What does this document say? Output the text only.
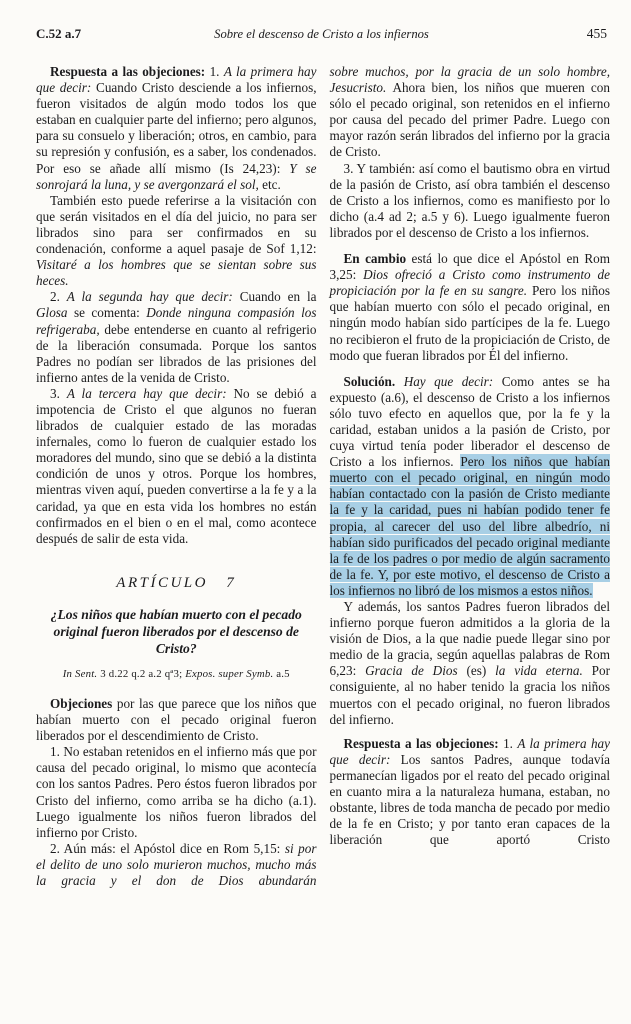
C.52 a.7	Sobre el descenso de Cristo a los infiernos	455

Respuesta a las objeciones: 1. A la primera hay que decir: Cuando Cristo desciende a los infiernos, fueron visitados de algún modo todos los que estaban en cualquier parte del infierno; pero algunos, para su consuelo y liberación; otros, en cambio, para su represión y confusión, es a saber, los condenados. Por eso se añade allí mismo (Is 24,23): Y se sonrojará la luna, y se avergonzará el sol, etc.

También esto puede referirse a la visitación con que serán visitados en el día del juicio, no para ser librados sino para ser confirmados en su condenación, conforme a aquel pasaje de Sof 1,12: Visitaré a los hombres que se sientan sobre sus heces.

2. A la segunda hay que decir: Cuando en la Glosa se comenta: Donde ninguna compasión los refrigeraba, debe entenderse en cuanto al refrigerio de la liberación consumada. Porque los santos Padres no podían ser librados de las prisiones del infierno antes de la venida de Cristo.

3. A la tercera hay que decir: No se debió a impotencia de Cristo el que algunos no fueran librados de cualquier estado de las moradas infernales, como lo fueron de cualquier estado los moradores del mundo, sino que se debió a la distinta condición de unos y otros. Porque los hombres, mientras viven aquí, pueden convertirse a la fe y a la caridad, ya que en esta vida los hombres no están confirmados en el bien o en el mal, como acontece después de salir de esta vida.

ARTÍCULO 7

¿Los niños que habían muerto con el pecado original fueron liberados por el descenso de Cristo?

In Sent. 3 d.22 q.2 a.2 qª3; Expos. super Symb. a.5

Objeciones por las que parece que los niños que habían muerto con el pecado original fueron liberados por el descendimiento de Cristo.

1. No estaban retenidos en el infierno más que por causa del pecado original, lo mismo que acontecía con los santos Padres. Pero éstos fueron librados por Cristo del infierno, como arriba se ha dicho (a.1). Luego igualmente los niños fueron librados del infierno por Cristo.

2. Aún más: el Apóstol dice en Rom 5,15: si por el delito de uno solo murieron muchos, mucho más la gracia y el don de Dios abundarán

sobre muchos, por la gracia de un solo hombre, Jesucristo. Ahora bien, los niños que mueren con sólo el pecado original, son retenidos en el infierno por causa del pecado del primer Padre. Luego con mayor razón serán librados del infierno por la gracia de Cristo.

3. Y también: así como el bautismo obra en virtud de la pasión de Cristo, así obra también el descenso de Cristo a los infiernos, como es manifiesto por lo dicho (a.4 ad 2; a.5 y 6). Luego igualmente fueron librados por el descenso de Cristo a los infiernos.

En cambio está lo que dice el Apóstol en Rom 3,25: Dios ofreció a Cristo como instrumento de propiciación por la fe en su sangre. Pero los niños que habían muerto con sólo el pecado original, en ningún modo habían sido partícipes de la fe. Luego no recibieron el fruto de la propiciación de Cristo, de modo que fueran librados por Él del infierno.

Solución. Hay que decir: Como antes se ha expuesto (a.6), el descenso de Cristo a los infiernos sólo tuvo efecto en aquellos que, por la fe y la caridad, estaban unidos a la pasión de Cristo, por cuya virtud tenía poder liberador el descenso de Cristo a los infiernos. Pero los niños que habían muerto con el pecado original, en ningún modo habían contactado con la pasión de Cristo mediante la fe y la caridad, pues ni habían podido tener fe propia, al carecer del uso del libre albedrío, ni habían sido purificados del pecado original mediante la fe de los padres o por medio de algún sacramento de la fe. Y, por este motivo, el descenso de Cristo a los infiernos no libró de los mismos a estos niños.

Y además, los santos Padres fueron librados del infierno porque fueron admitidos a la gloria de la visión de Dios, a la que nadie puede llegar sino por medio de la gracia, según aquellas palabras de Rom 6,23: Gracia de Dios (es) la vida eterna. Por consiguiente, al no haber tenido la gracia los niños muertos con el pecado original, no fueron librados del infierno.

Respuesta a las objeciones: 1. A la primera hay que decir: Los santos Padres, aunque todavía permanecían ligados por el reato del pecado original en cuanto mira a la naturaleza humana, estaban, no obstante, libres de toda mancha de pecado por medio de la fe en Cristo; y por tanto eran capaces de la liberación que aportó Cristo
